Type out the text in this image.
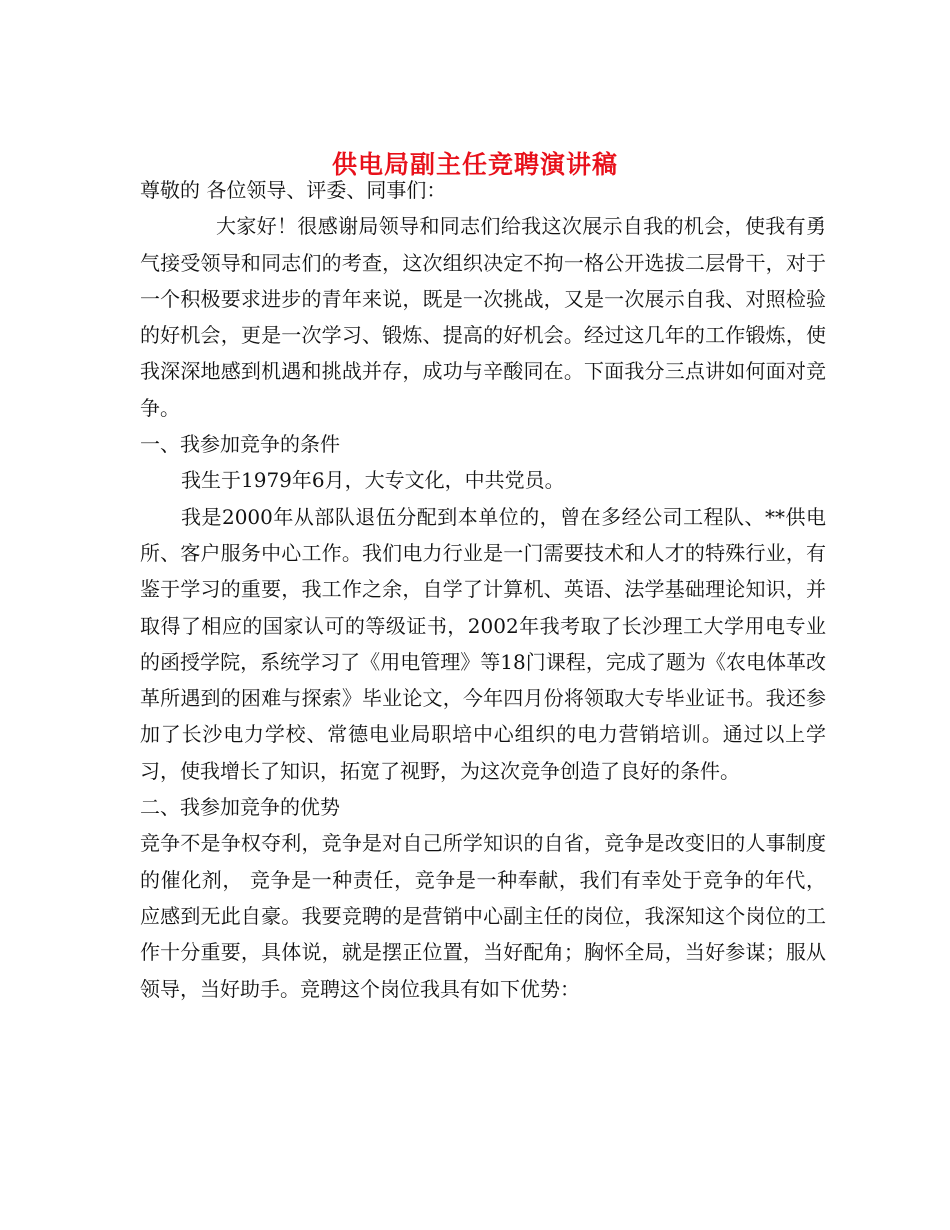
供电局副主任竞聘演讲稿

尊敬的 各位领导、评委、同事们：

大家好！很感谢局领导和同志们给我这次展示自我的机会，使我有勇气接受领导和同志们的考查，这次组织决定不拘一格公开选拔二层骨干，对于一个积极要求进步的青年来说，既是一次挑战，又是一次展示自我、对照检验的好机会，更是一次学习、锻炼、提高的好机会。经过这几年的工作锻炼，使我深深地感到机遇和挑战并存，成功与辛酸同在。下面我分三点讲如何面对竞争。

一、我参加竞争的条件

我生于1979年6月，大专文化，中共党员。

我是2000年从部队退伍分配到本单位的，曾在多经公司工程队、**供电所、客户服务中心工作。我们电力行业是一门需要技术和人才的特殊行业，有鉴于学习的重要，我工作之余，自学了计算机、英语、法学基础理论知识，并取得了相应的国家认可的等级证书，2002年我考取了长沙理工大学用电专业的函授学院，系统学习了《用电管理》等18门课程，完成了题为《农电体革改革所遇到的困难与探索》毕业论文，今年四月份将领取大专毕业证书。我还参加了长沙电力学校、常德电业局职培中心组织的电力营销培训。通过以上学习，使我增长了知识，拓宽了视野，为这次竞争创造了良好的条件。

二、我参加竞争的优势

竞争不是争权夺利，竞争是对自己所学知识的自省，竞争是改变旧的人事制度的催化剂， 竞争是一种责任，竞争是一种奉献，我们有幸处于竞争的年代，应感到无此自豪。我要竞聘的是营销中心副主任的岗位，我深知这个岗位的工作十分重要，具体说，就是摆正位置，当好配角；胸怀全局，当好参谋；服从领导，当好助手。竞聘这个岗位我具有如下优势：
